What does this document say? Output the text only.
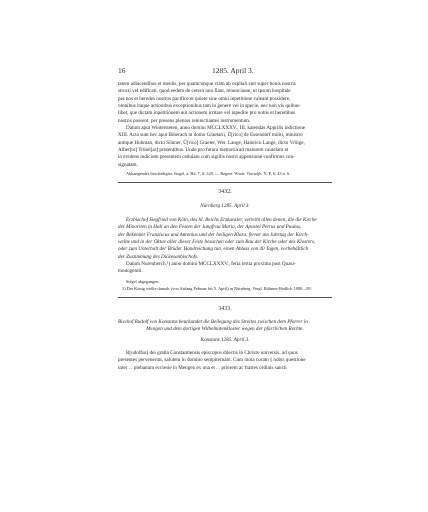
16	1285. April 3.

tatem adiacentibus et menlis, per quamcunque viam ab ospitali sint super bonis nostris

structi vel edificati, quod eedem de cetero non fiant, renunciasse, ut ipsum hospitale

per nos et heredes nostros pacifice et quiete sine omni inpetitione valeant possidere,

omnibus itaque actionibus exceptionibus tam in genere vel in specie, nec non vis quibus-

libet, que dictam inpetitionem aut actionem irritare vel inpedire pro nobis et heredibus

nostris possent, per presens plenius renunctiantes instrumentum.

Datum aput Wintersteten, anno domini MCCLXXXV., III. kalendas Apprilis indictione

XIII. Acta sunt hec aput Biberach in domo Graetarii, Ŭ[rico] de Essendorf militi, ministro

antique Hubman, dicto Sönner, Ŭ[rico] Graeter, Wer. Lange, Hainrico Lange, dicto Vrõige,

Alber[to] Trütel[ar] presentibus. Unde pro futura memoria ad maiorem cautelam et

in evidens indicium presentem cedulam cum sigillis nostri appensione confirmus con-

signatam.

Abhangendes beschädigtes Siegel, a. Bd. 7, S. 329. — Regest: Württ. Vierteljh. N. F. 6, 43 n. 6.
3432.
Nürnberg 1285. April 3.

Erzbischof Siegfried von Köln, des hl. Reichs Erzkanzler, verleiht allen denen, die die Kirche

der Minoriten in Hall an den Festen der Jungfrau Maria, der Apostel Petrus und Paulus,

der Bekenner Franziscus und Antonius und der heiligen Klara, ferner am Jahrtag der Kirch-

weihe und in der Oktav aller dieser Feste besuchen oder zum Bau der Kirche oder des Klosters,

oder zum Unterhalt der Brüder Handreichung tun, einen Ablass von 40 Tagen, vorbehältlich

der Zustimmung des Diözesanbischofs.

Datum Nurenberch,¹) anno domini MCCLXXXV., feria tertia proxima post Quasi-

modogeniti.

Siegel abgegangen.
1) Der König weilte damals (von Anfang Februar bis 5. April) in Nürnberg. Vergl. Böhmer-Redlich 1880—89.
3433.

Bischof Rudolf von Konstanz beurkundet die Beilegung des Streites zwischen dem Pfarrer in

Mengen und dem dortigen Wilhelmitenkloster wegen der pfarrlichen Rechte.

Konstanz 1285. April 3.

R[udolfus] dei gratia Constantiensis episcopus dilectis in Christo universis, ad quos

presentes pervenerint, salutem in domino sempiternam. Cum mota coram || nobis questione

inter . . plebanum ecclesie in Mengen ex una et . . priorem ac fratres ordinis sancti
